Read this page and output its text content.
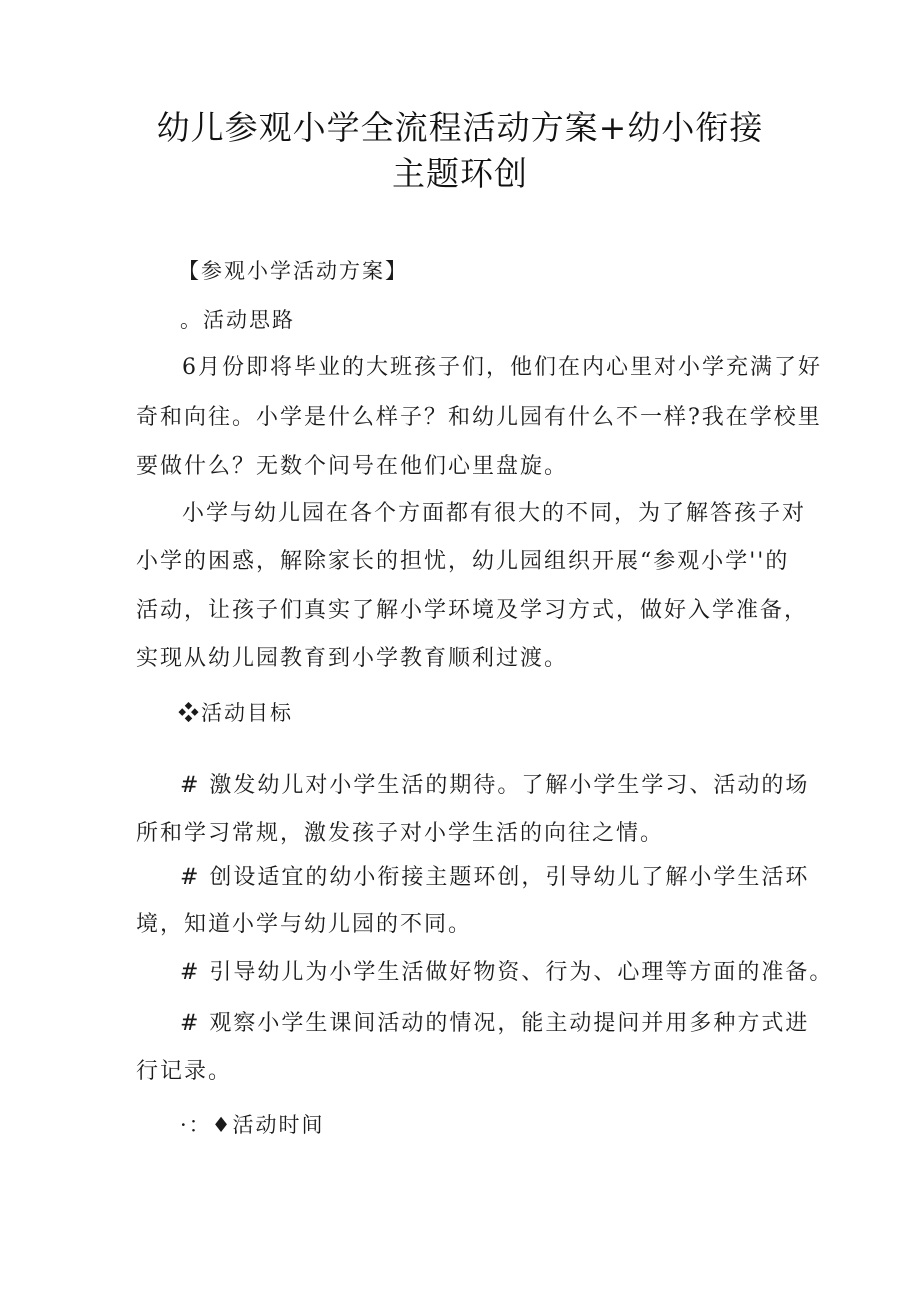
幼儿参观小学全流程活动方案+幼小衔接
主题环创
【参观小学活动方案】
。活动思路
6月份即将毕业的大班孩子们，他们在内心里对小学充满了好
奇和向往。小学是什么样子？和幼儿园有什么不一样?我在学校里
要做什么？无数个问号在他们心里盘旋。
小学与幼儿园在各个方面都有很大的不同，为了解答孩子对
小学的困惑，解除家长的担忧，幼儿园组织开展“参观小学''的
活动，让孩子们真实了解小学环境及学习方式，做好入学准备，
实现从幼儿园教育到小学教育顺利过渡。
❖活动目标
# 激发幼儿对小学生活的期待。了解小学生学习、活动的场
所和学习常规，激发孩子对小学生活的向往之情。
# 创设适宜的幼小衔接主题环创，引导幼儿了解小学生活环
境，知道小学与幼儿园的不同。
# 引导幼儿为小学生活做好物资、行为、心理等方面的准备。
# 观察小学生课间活动的情况，能主动提问并用多种方式进
行记录。
·：♦活动时间
